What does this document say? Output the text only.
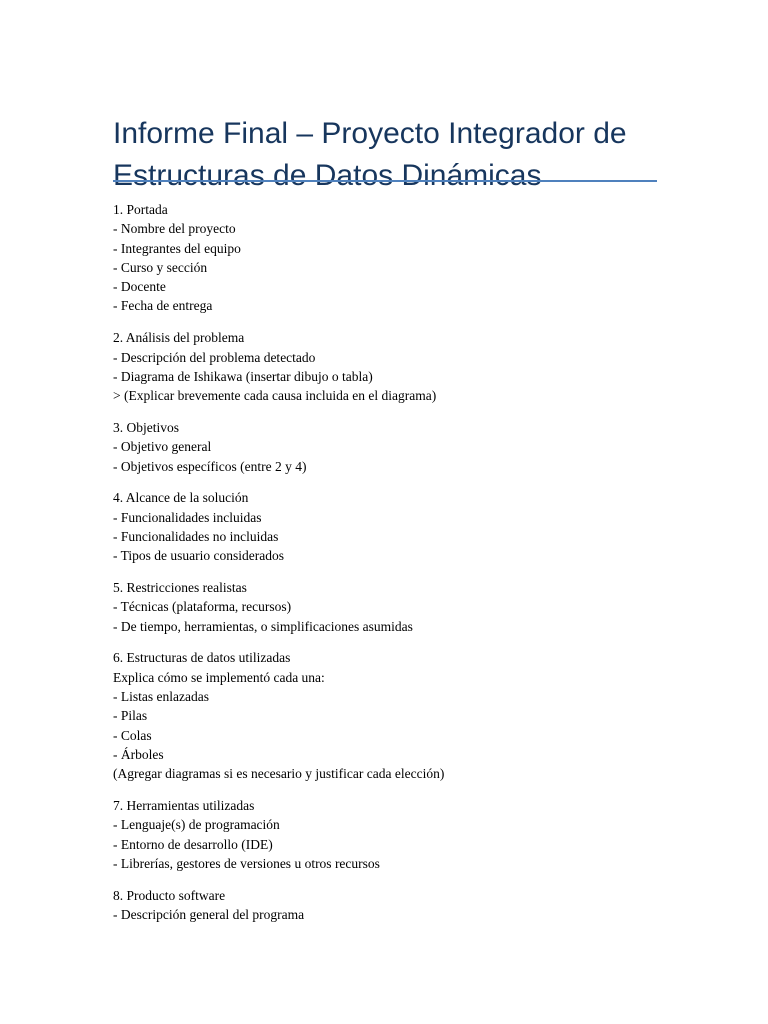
Informe Final – Proyecto Integrador de
Estructuras de Datos Dinámicas
1. Portada
- Nombre del proyecto
- Integrantes del equipo
- Curso y sección
- Docente
- Fecha de entrega
2. Análisis del problema
- Descripción del problema detectado
- Diagrama de Ishikawa (insertar dibujo o tabla)
> (Explicar brevemente cada causa incluida en el diagrama)
3. Objetivos
- Objetivo general
- Objetivos específicos (entre 2 y 4)
4. Alcance de la solución
- Funcionalidades incluidas
- Funcionalidades no incluidas
- Tipos de usuario considerados
5. Restricciones realistas
- Técnicas (plataforma, recursos)
- De tiempo, herramientas, o simplificaciones asumidas
6. Estructuras de datos utilizadas
Explica cómo se implementó cada una:
- Listas enlazadas
- Pilas
- Colas
- Árboles
(Agregar diagramas si es necesario y justificar cada elección)
7. Herramientas utilizadas
- Lenguaje(s) de programación
- Entorno de desarrollo (IDE)
- Librerías, gestores de versiones u otros recursos
8. Producto software
- Descripción general del programa
